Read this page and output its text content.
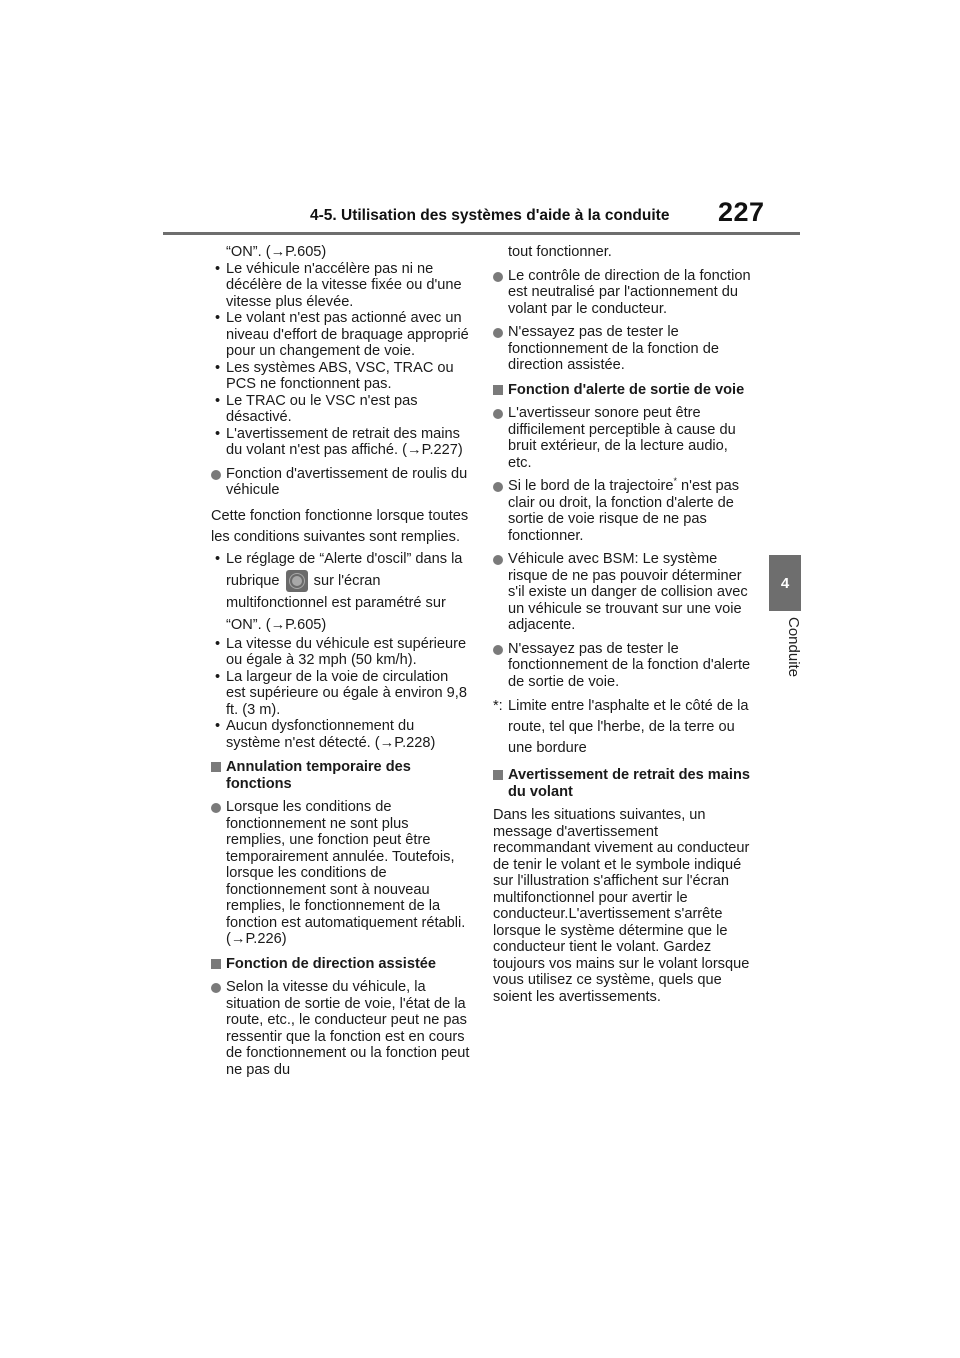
4-5. Utilisation des systèmes d'aide à la conduite 227
4
Conduite
“ON”. (→P.605)
• Le véhicule n'accélère pas ni ne décélère de la vitesse fixée ou d'une vitesse plus élevée.
• Le volant n'est pas actionné avec un niveau d'effort de braquage approprié pour un changement de voie.
• Les systèmes ABS, VSC, TRAC ou PCS ne fonctionnent pas.
• Le TRAC ou le VSC n'est pas désactivé.
• L'avertissement de retrait des mains du volant n'est pas affiché. (→P.227)
Fonction d'avertissement de roulis du véhicule
Cette fonction fonctionne lorsque toutes les conditions suivantes sont remplies.
• Le réglage de “Alerte d'oscil” dans la rubrique sur l'écran multifonctionnel est paramétré sur “ON”. (→P.605)
• La vitesse du véhicule est supérieure ou égale à 32 mph (50 km/h).
• La largeur de la voie de circulation est supérieure ou égale à environ 9,8 ft. (3 m).
• Aucun dysfonctionnement du système n'est détecté. (→P.228)
Annulation temporaire des fonctions
Lorsque les conditions de fonctionnement ne sont plus remplies, une fonction peut être temporairement annulée. Toutefois, lorsque les conditions de fonctionnement sont à nouveau remplies, le fonctionnement de la fonction est automatiquement rétabli. (→P.226)
Fonction de direction assistée
Selon la vitesse du véhicule, la situation de sortie de voie, l'état de la route, etc., le conducteur peut ne pas ressentir que la fonction est en cours de fonctionnement ou la fonction peut ne pas du
tout fonctionner.
Le contrôle de direction de la fonction est neutralisé par l'actionnement du volant par le conducteur.
N'essayez pas de tester le fonctionnement de la fonction de direction assistée.
Fonction d'alerte de sortie de voie
L'avertisseur sonore peut être difficilement perceptible à cause du bruit extérieur, de la lecture audio, etc.
Si le bord de la trajectoire* n'est pas clair ou droit, la fonction d'alerte de sortie de voie risque de ne pas fonctionner.
Véhicule avec BSM: Le système risque de ne pas pouvoir déterminer s'il existe un danger de collision avec un véhicule se trouvant sur une voie adjacente.
N'essayez pas de tester le fonctionnement de la fonction d'alerte de sortie de voie.
*: Limite entre l'asphalte et le côté de la route, tel que l'herbe, de la terre ou une bordure
Avertissement de retrait des mains du volant
Dans les situations suivantes, un message d'avertissement recommandant vivement au conducteur de tenir le volant et le symbole indiqué sur l'illustration s'affichent sur l'écran multifonctionnel pour avertir le conducteur.L'avertissement s'arrête lorsque le système détermine que le conducteur tient le volant. Gardez toujours vos mains sur le volant lorsque vous utilisez ce système, quels que soient les avertissements.
